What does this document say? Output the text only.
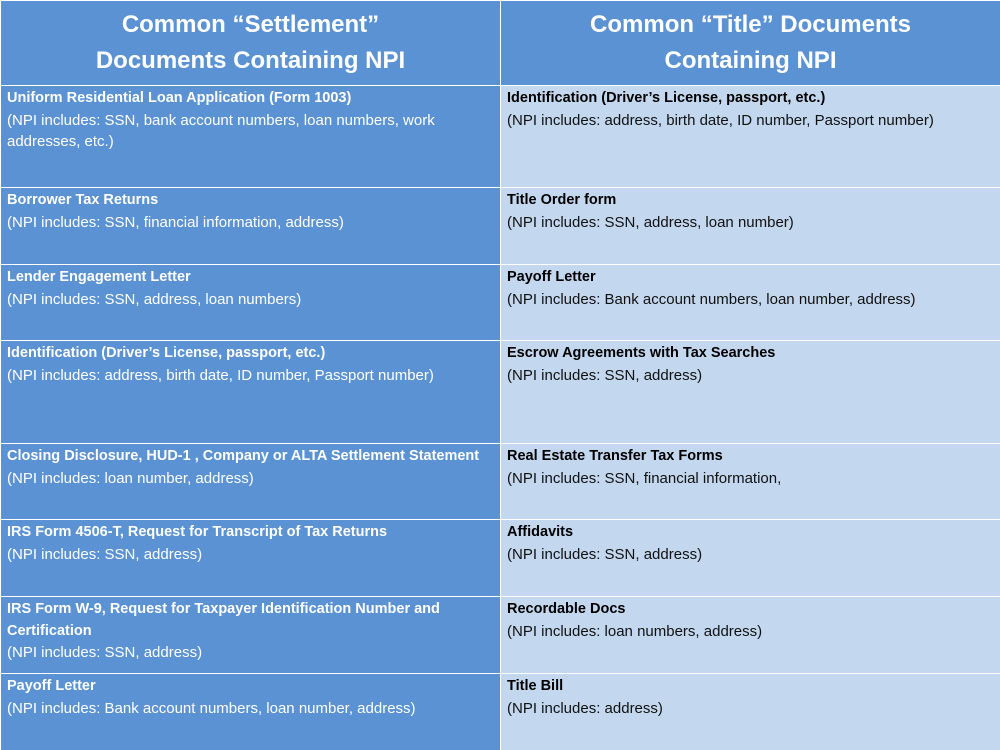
Common “Settlement”
Documents Containing NPI	Common “Title” Documents
Containing NPI

Uniform Residential Loan Application (Form 1003)
(NPI includes: SSN, bank account numbers, loan numbers, work addresses, etc.)	Identification (Driver’s License, passport, etc.)
(NPI includes: address, birth date, ID number, Passport number)

Borrower Tax Returns
(NPI includes: SSN, financial information, address)	Title Order form
(NPI includes: SSN, address, loan number)

Lender Engagement Letter
(NPI includes: SSN, address, loan numbers)	Payoff Letter
(NPI includes: Bank account numbers, loan number, address)

Identification (Driver’s License, passport, etc.)
(NPI includes: address, birth date, ID number, Passport number)	Escrow Agreements with Tax Searches
(NPI includes: SSN, address)

Closing Disclosure, HUD-1 , Company or ALTA Settlement Statement
(NPI includes: loan number, address)	Real Estate Transfer Tax Forms
(NPI includes: SSN, financial information,

IRS Form 4506-T, Request for Transcript of Tax Returns
(NPI includes: SSN, address)	Affidavits
(NPI includes: SSN, address)

IRS Form W-9, Request for Taxpayer Identification Number and Certification
(NPI includes: SSN, address)	Recordable Docs
(NPI includes: loan numbers, address)

Payoff Letter
(NPI includes: Bank account numbers, loan number, address)	Title Bill
(NPI includes: address)
